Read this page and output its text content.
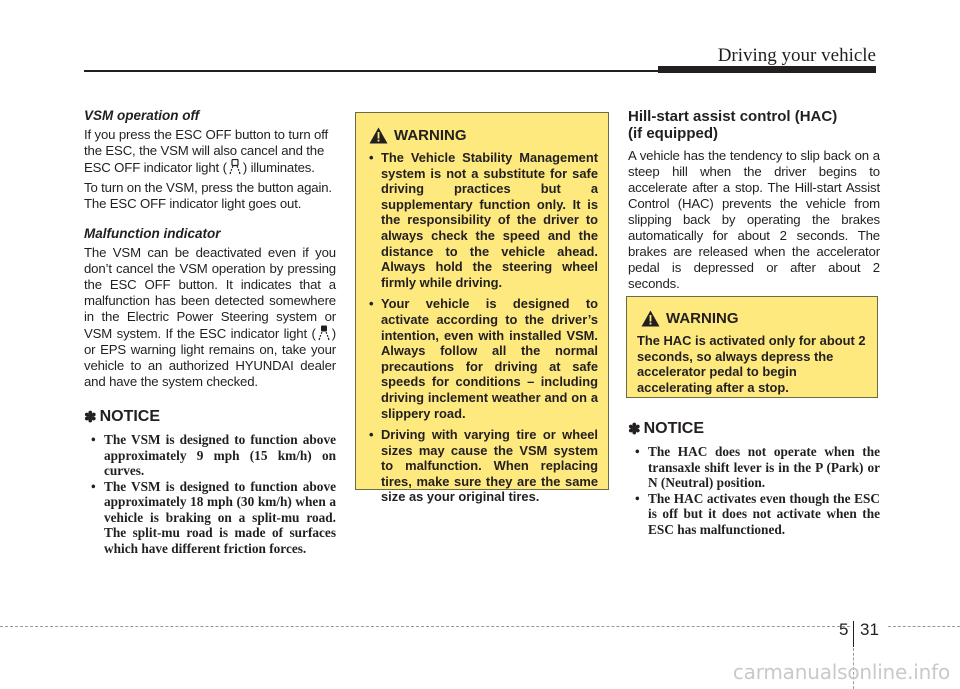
Driving your vehicle

VSM operation off

If you press the ESC OFF button to turn off the ESC, the VSM will also cancel and the ESC OFF indicator light ( ) illuminates.

To turn on the VSM, press the button again. The ESC OFF indicator light goes out.

Malfunction indicator

The VSM can be deactivated even if you don’t cancel the VSM operation by pressing the ESC OFF button. It indicates that a malfunction has been detected somewhere in the Electric Power Steering system or VSM system. If the ESC indicator light ( ) or EPS warning light remains on, take your vehicle to an authorized HYUNDAI dealer and have the system checked.

✽ NOTICE
• The VSM is designed to function above approximately 9 mph (15 km/h) on curves.
• The VSM is designed to function above approximately 18 mph (30 km/h) when a vehicle is braking on a split-mu road. The split-mu road is made of surfaces which have different friction forces.
WARNING
• The Vehicle Stability Management system is not a substitute for safe driving practices but a supplementary function only. It is the responsibility of the driver to always check the speed and the distance to the vehicle ahead. Always hold the steering wheel firmly while driving.
• Your vehicle is designed to activate according to the driver’s intention, even with installed VSM. Always follow all the normal precautions for driving at safe speeds for conditions – including driving inclement weather and on a slippery road.
• Driving with varying tire or wheel sizes may cause the VSM system to malfunction. When replacing tires, make sure they are the same size as your original tires.

Hill-start assist control (HAC) (if equipped)

A vehicle has the tendency to slip back on a steep hill when the driver begins to accelerate after a stop. The Hill-start Assist Control (HAC) prevents the vehicle from slipping back by operating the brakes automatically for about 2 seconds. The brakes are released when the accelerator pedal is depressed or after about 2 seconds.

WARNING

The HAC is activated only for about 2 seconds, so always depress the accelerator pedal to begin accelerating after a stop.

✽ NOTICE
• The HAC does not operate when the transaxle shift lever is in the P (Park) or N (Neutral) position.
• The HAC activates even though the ESC is off but it does not activate when the ESC has malfunctioned.
5 31
carmanualsonline.info
